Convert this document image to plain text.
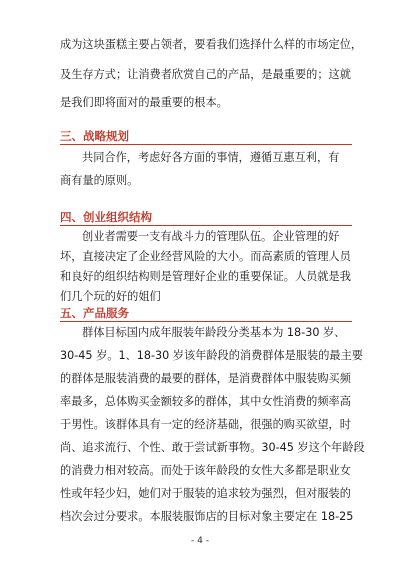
成为这块蛋糕主要占领者，要看我们选择什么样的市场定位，
及生存方式；让消费者欣赏自己的产品，是最重要的；这就
是我们即将面对的最重要的根本。
三、战略规划
共同合作，考虑好各方面的事情，遵循互惠互利，有
商有量的原则。
四、创业组织结构
创业者需要一支有战斗力的管理队伍。企业管理的好
坏，直接决定了企业经营风险的大小。而高素质的管理人员
和良好的组织结构则是管理好企业的重要保证。人员就是我
们几个玩的好的姐们
五、产品服务
群体目标国内成年服装年龄段分类基本为 18-30 岁、
30-45 岁。1、18-30 岁该年龄段的消费群体是服装的最主要
的群体是服装消费的最要的群体，是消费群体中服装购买频
率最多，总体购买金额较多的群体，其中女性消费的频率高
于男性。该群体具有一定的经济基础，很强的购买欲望，时
尚、追求流行、个性、敢于尝试新事物。30-45 岁这个年龄段
的消费力相对较高。而处于该年龄段的女性大多都是职业女
性或年轻少妇，她们对于服装的追求较为强烈，但对服装的
档次会过分要求。本服装服饰店的目标对象主要定在 18-25
- 4 -
